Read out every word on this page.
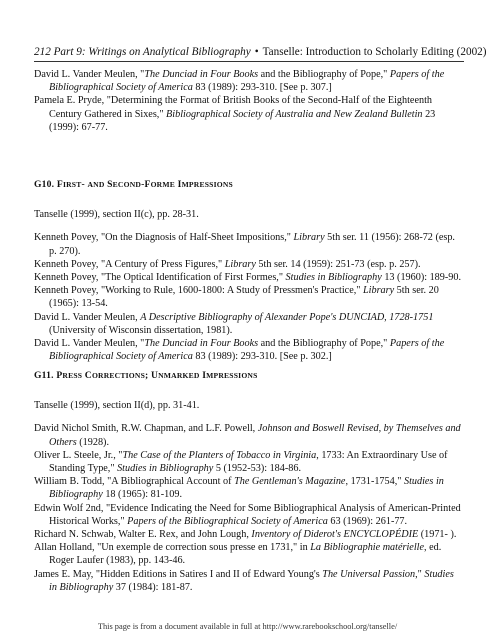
212 Part 9: Writings on Analytical Bibliography • Tanselle: Introduction to Scholarly Editing (2002)

David L. Vander Meulen, "The Dunciad in Four Books and the Bibliography of Pope," Papers of the Bibliographical Society of America 83 (1989): 293-310. [See p. 307.]

Pamela E. Pryde, "Determining the Format of British Books of the Second-Half of the Eighteenth Century Gathered in Sixes," Bibliographical Society of Australia and New Zealand Bulletin 23 (1999): 67-77.

G10. FIRST- AND SECOND-FORME IMPRESSIONS

Tanselle (1999), section II(c), pp. 28-31.

Kenneth Povey, "On the Diagnosis of Half-Sheet Impositions," Library 5th ser. 11 (1956): 268-72 (esp. p. 270).

Kenneth Povey, "A Century of Press Figures," Library 5th ser. 14 (1959): 251-73 (esp. p. 257).

Kenneth Povey, "The Optical Identification of First Formes," Studies in Bibliography 13 (1960): 189-90.

Kenneth Povey, "Working to Rule, 1600-1800: A Study of Pressmen's Practice," Library 5th ser. 20 (1965): 13-54.

David L. Vander Meulen, A Descriptive Bibliography of Alexander Pope's DUNCIAD, 1728-1751 (University of Wisconsin dissertation, 1981).

David L. Vander Meulen, "The Dunciad in Four Books and the Bibliography of Pope," Papers of the Bibliographical Society of America 83 (1989): 293-310. [See p. 302.]

G11. PRESS CORRECTIONS; UNMARKED IMPRESSIONS

Tanselle (1999), section II(d), pp. 31-41.

David Nichol Smith, R.W. Chapman, and L.F. Powell, Johnson and Boswell Revised, by Themselves and Others (1928).

Oliver L. Steele, Jr., "The Case of the Planters of Tobacco in Virginia, 1733: An Extraordinary Use of Standing Type," Studies in Bibliography 5 (1952-53): 184-86.

William B. Todd, "A Bibliographical Account of The Gentleman's Magazine, 1731-1754," Studies in Bibliography 18 (1965): 81-109.

Edwin Wolf 2nd, "Evidence Indicating the Need for Some Bibliographical Analysis of American-Printed Historical Works," Papers of the Bibliographical Society of America 63 (1969): 261-77.

Richard N. Schwab, Walter E. Rex, and John Lough, Inventory of Diderot's ENCYCLOPÉDIE (1971- ).

Allan Holland, "Un exemple de correction sous presse en 1731," in La Bibliographie matérielle, ed. Roger Laufer (1983), pp. 143-46.

James E. May, "Hidden Editions in Satires I and II of Edward Young's The Universal Passion," Studies in Bibliography 37 (1984): 181-87.

This page is from a document available in full at http://www.rarebookschool.org/tanselle/
